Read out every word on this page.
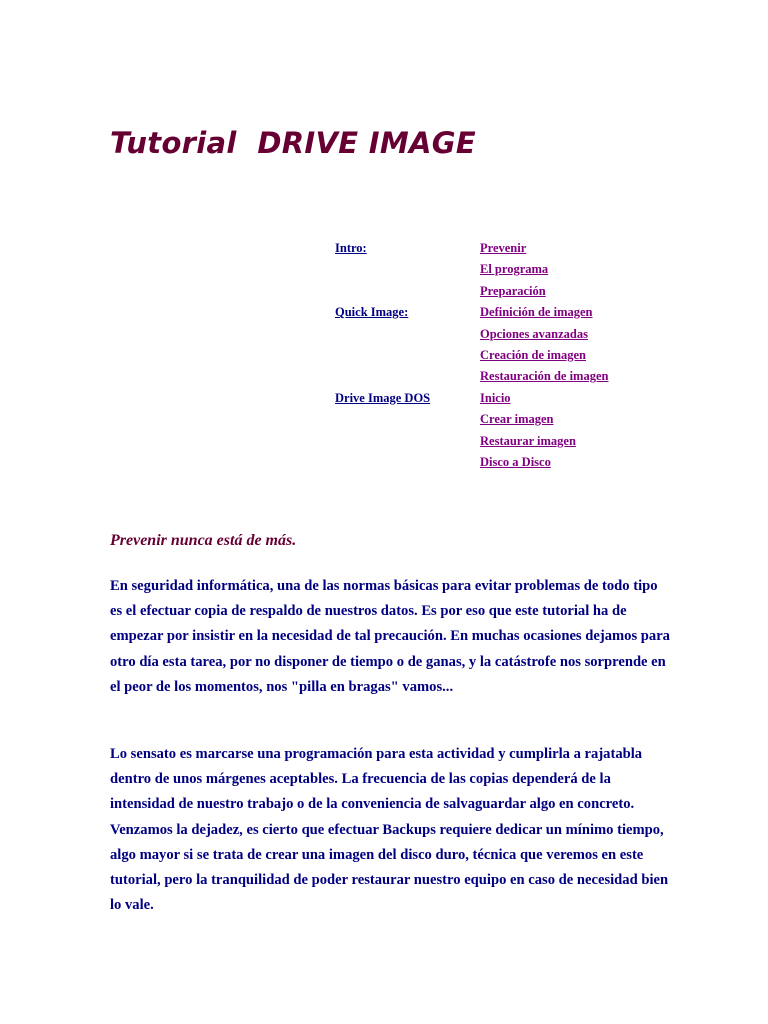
Tutorial  DRIVE IMAGE
Intro:	Prevenir
El programa
Preparación
Quick Image:	Definición de imagen
Opciones avanzadas
Creación de imagen
Restauración de imagen
Drive Image DOS	Inicio
Crear imagen
Restaurar imagen
Disco a Disco
Prevenir nunca está de más.

En seguridad informática, una de las normas básicas para evitar problemas de todo tipo es el efectuar copia de respaldo de nuestros datos. Es por eso que este tutorial ha de empezar por insistir en la necesidad de tal precaución. En muchas ocasiones dejamos para otro día esta tarea, por no disponer de tiempo o de ganas, y la catástrofe nos sorprende en el peor de los momentos, nos "pilla en bragas" vamos...

Lo sensato es marcarse una programación para esta actividad y cumplirla a rajatabla dentro de unos márgenes aceptables. La frecuencia de las copias dependerá de la intensidad de nuestro trabajo o de la conveniencia de salvaguardar algo en concreto. Venzamos la dejadez, es cierto que efectuar Backups requiere dedicar un mínimo tiempo, algo mayor si se trata de crear una imagen del disco duro, técnica que veremos en este tutorial, pero la tranquilidad de poder restaurar nuestro equipo en caso de necesidad bien lo vale.
